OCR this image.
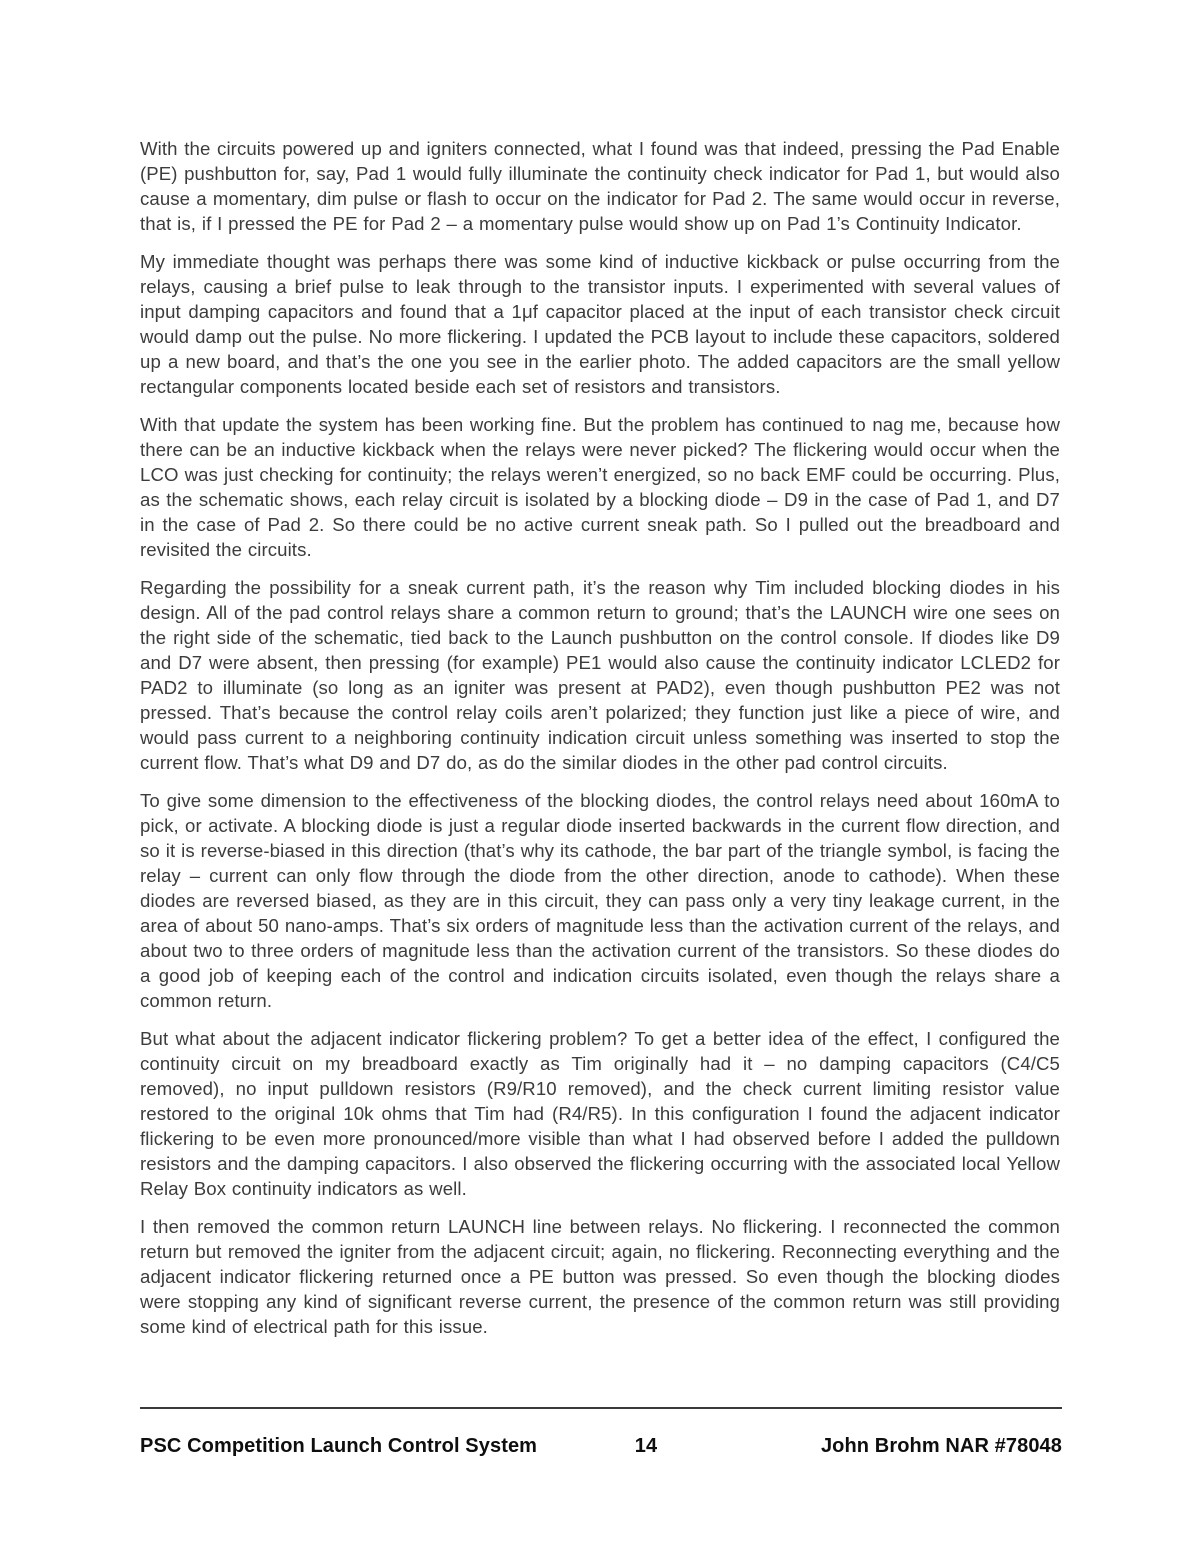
With the circuits powered up and igniters connected, what I found was that indeed, pressing the Pad Enable (PE) pushbutton for, say, Pad 1 would fully illuminate the continuity check indicator for Pad 1, but would also cause a momentary, dim pulse or flash to occur on the indicator for Pad 2. The same would occur in reverse, that is, if I pressed the PE for Pad 2 – a momentary pulse would show up on Pad 1’s Continuity Indicator.

My immediate thought was perhaps there was some kind of inductive kickback or pulse occurring from the relays, causing a brief pulse to leak through to the transistor inputs. I experimented with several values of input damping capacitors and found that a 1μf capacitor placed at the input of each transistor check circuit would damp out the pulse. No more flickering. I updated the PCB layout to include these capacitors, soldered up a new board, and that’s the one you see in the earlier photo. The added capacitors are the small yellow rectangular components located beside each set of resistors and transistors.

With that update the system has been working fine. But the problem has continued to nag me, because how there can be an inductive kickback when the relays were never picked? The flickering would occur when the LCO was just checking for continuity; the relays weren’t energized, so no back EMF could be occurring. Plus, as the schematic shows, each relay circuit is isolated by a blocking diode – D9 in the case of Pad 1, and D7 in the case of Pad 2. So there could be no active current sneak path. So I pulled out the breadboard and revisited the circuits.

Regarding the possibility for a sneak current path, it’s the reason why Tim included blocking diodes in his design. All of the pad control relays share a common return to ground; that’s the LAUNCH wire one sees on the right side of the schematic, tied back to the Launch pushbutton on the control console. If diodes like D9 and D7 were absent, then pressing (for example) PE1 would also cause the continuity indicator LCLED2 for PAD2 to illuminate (so long as an igniter was present at PAD2), even though pushbutton PE2 was not pressed. That’s because the control relay coils aren’t polarized; they function just like a piece of wire, and would pass current to a neighboring continuity indication circuit unless something was inserted to stop the current flow. That’s what D9 and D7 do, as do the similar diodes in the other pad control circuits.

To give some dimension to the effectiveness of the blocking diodes, the control relays need about 160mA to pick, or activate. A blocking diode is just a regular diode inserted backwards in the current flow direction, and so it is reverse-biased in this direction (that’s why its cathode, the bar part of the triangle symbol, is facing the relay – current can only flow through the diode from the other direction, anode to cathode). When these diodes are reversed biased, as they are in this circuit, they can pass only a very tiny leakage current, in the area of about 50 nano-amps. That’s six orders of magnitude less than the activation current of the relays, and about two to three orders of magnitude less than the activation current of the transistors. So these diodes do a good job of keeping each of the control and indication circuits isolated, even though the relays share a common return.

But what about the adjacent indicator flickering problem? To get a better idea of the effect, I configured the continuity circuit on my breadboard exactly as Tim originally had it – no damping capacitors (C4/C5 removed), no input pulldown resistors (R9/R10 removed), and the check current limiting resistor value restored to the original 10k ohms that Tim had (R4/R5). In this configuration I found the adjacent indicator flickering to be even more pronounced/more visible than what I had observed before I added the pulldown resistors and the damping capacitors. I also observed the flickering occurring with the associated local Yellow Relay Box continuity indicators as well.

I then removed the common return LAUNCH line between relays. No flickering. I reconnected the common return but removed the igniter from the adjacent circuit; again, no flickering. Reconnecting everything and the adjacent indicator flickering returned once a PE button was pressed. So even though the blocking diodes were stopping any kind of significant reverse current, the presence of the common return was still providing some kind of electrical path for this issue.

PSC Competition Launch Control System	14	John Brohm NAR #78048
